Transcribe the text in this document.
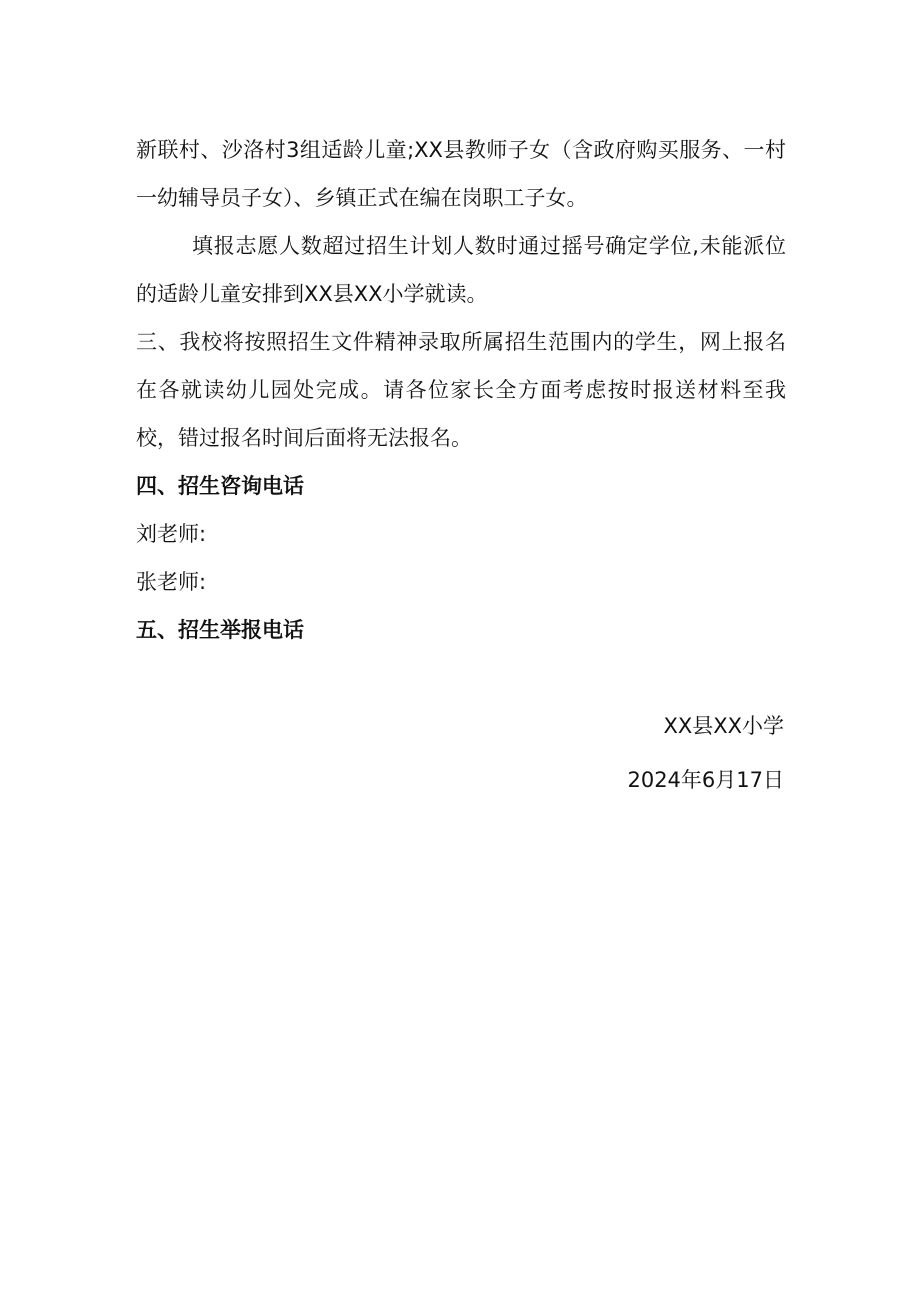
新联村、沙洛村3组适龄儿童;XX县教师子女（含政府购买服务、一村一幼辅导员子女）、乡镇正式在编在岗职工子女。

填报志愿人数超过招生计划人数时通过摇号确定学位,未能派位的适龄儿童安排到XX县XX小学就读。

三、我校将按照招生文件精神录取所属招生范围内的学生，网上报名在各就读幼儿园处完成。请各位家长全方面考虑按时报送材料至我校，错过报名时间后面将无法报名。

四、招生咨询电话

刘老师:

张老师:

五、招生举报电话

XX县XX小学
2024年6月17日
